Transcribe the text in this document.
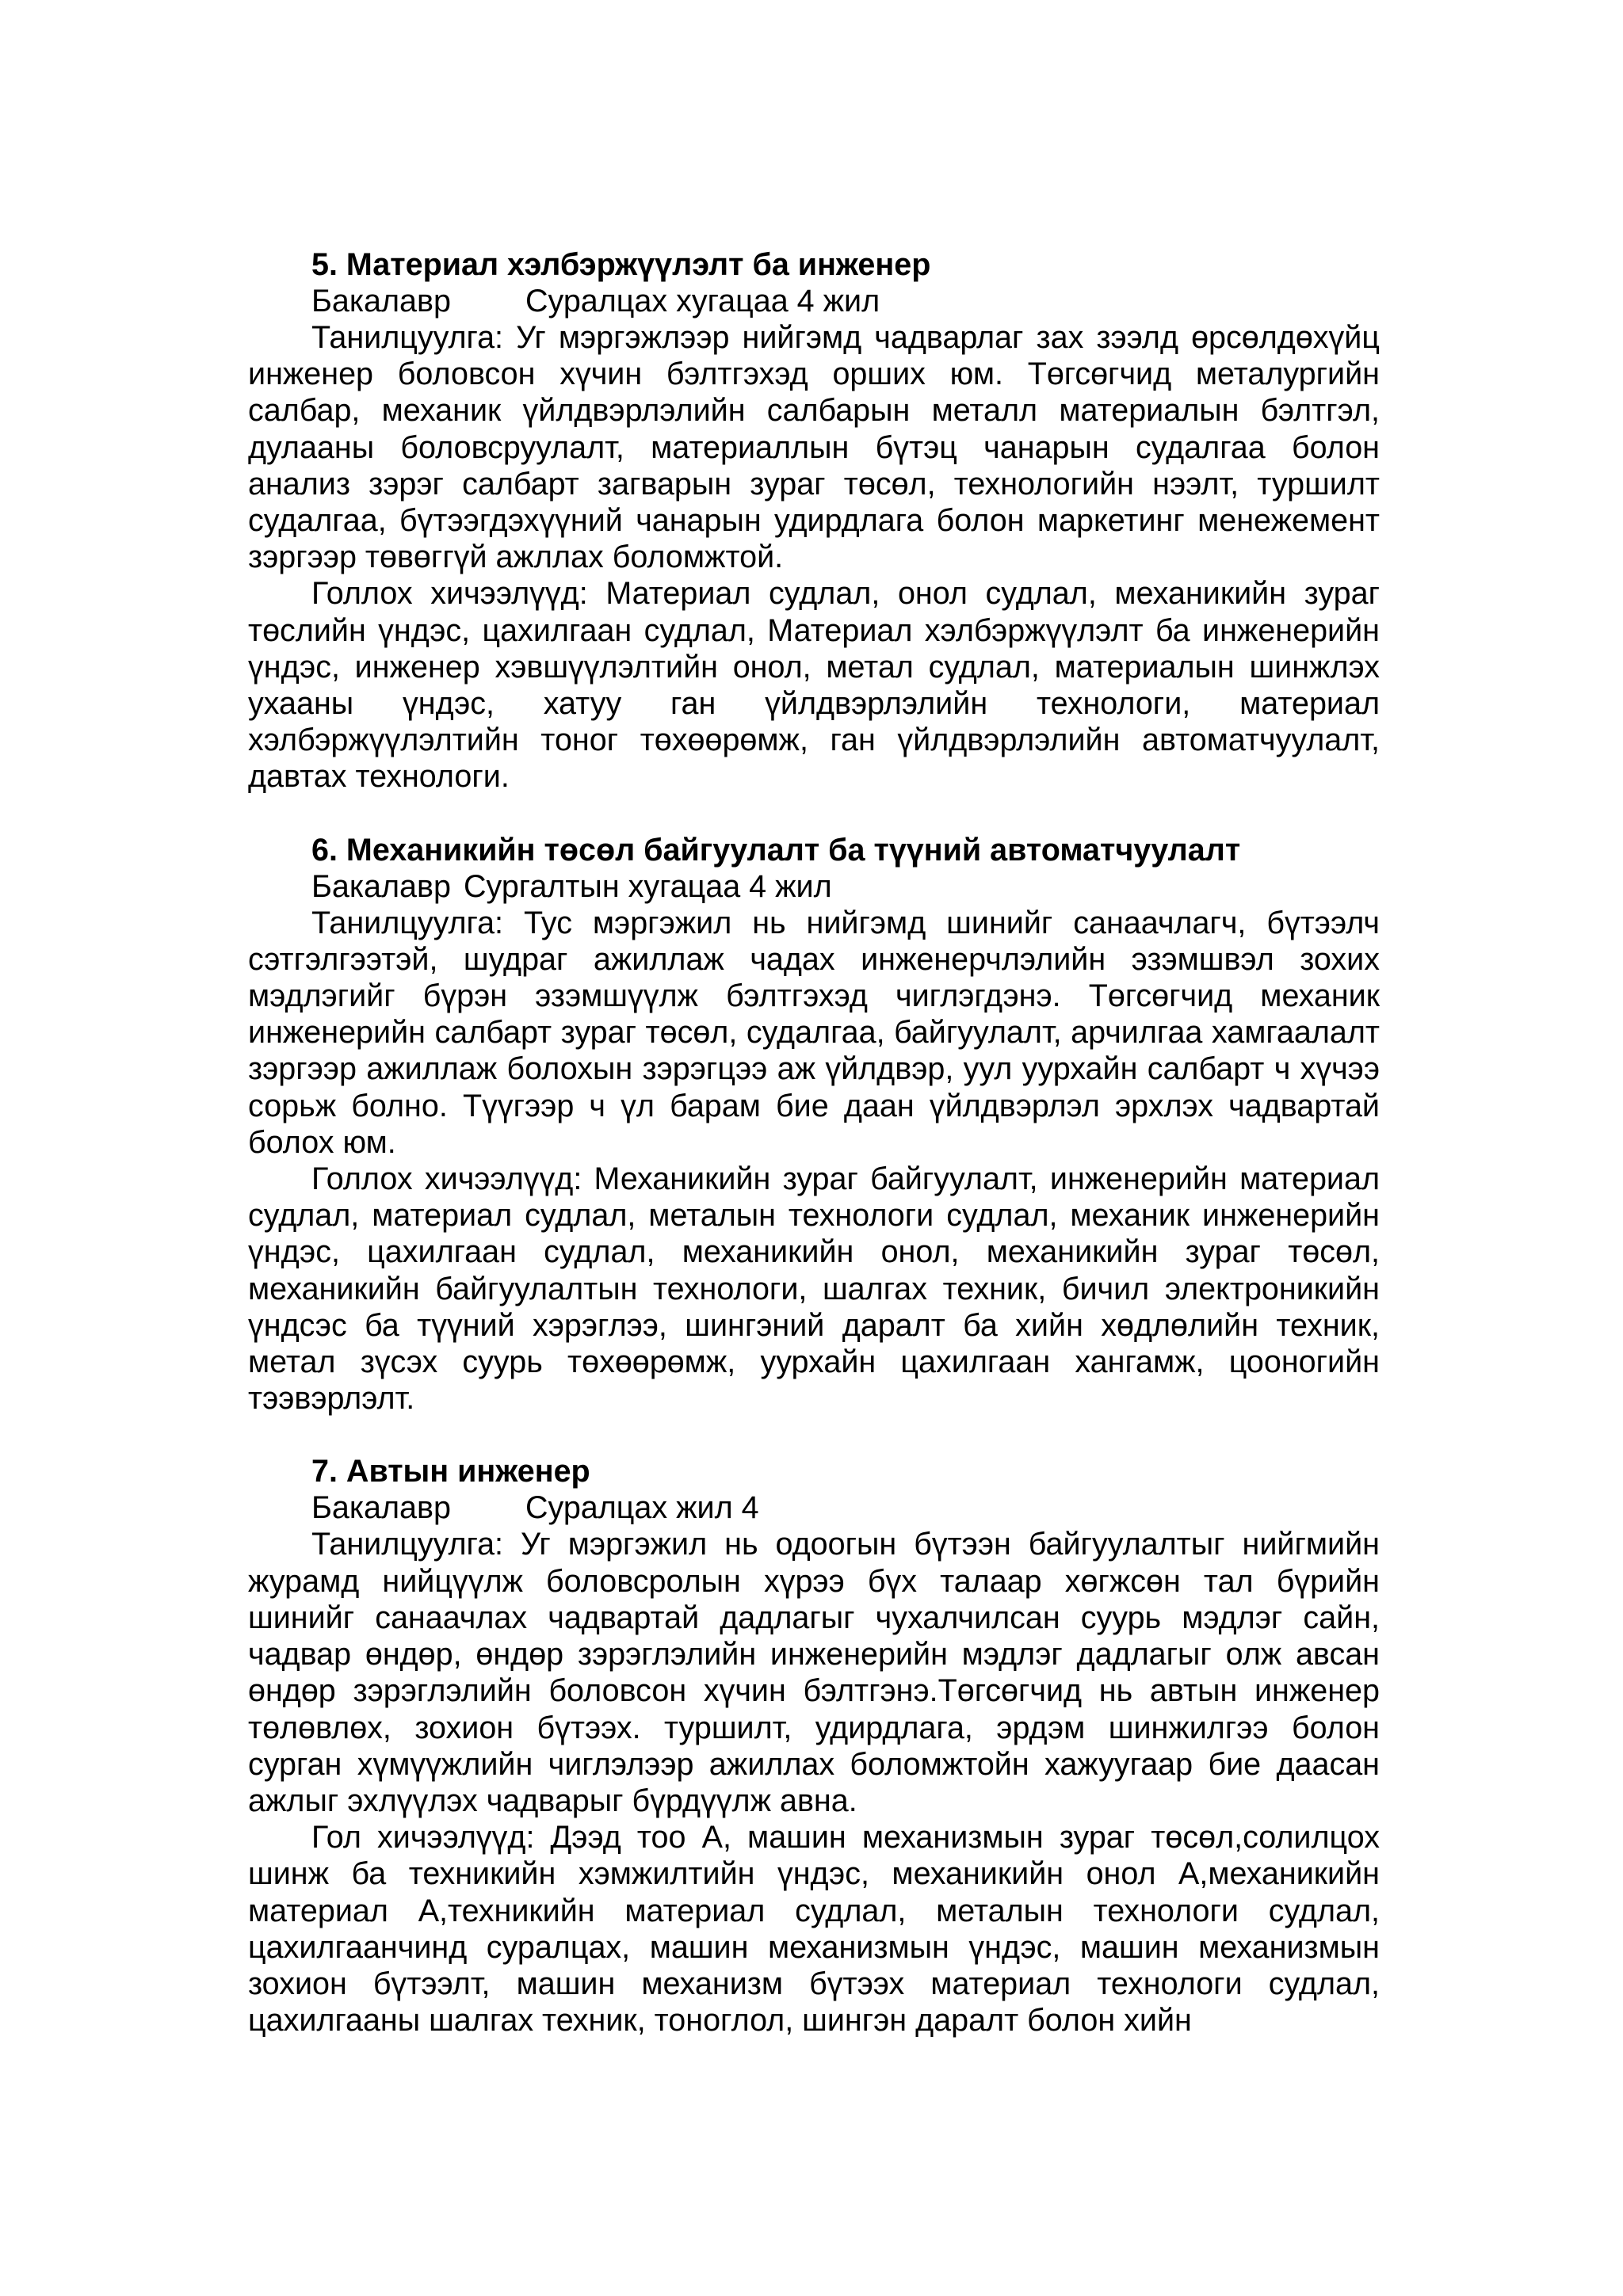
5. Материал хэлбэржүүлэлт ба инженер

Бакалавр Суралцах хугацаа 4 жил

Танилцуулга: Уг мэргэжлээр нийгэмд чадварлаг зах зээлд өрсөлдөхүйц инженер боловсон хүчин бэлтгэхэд орших юм. Төгсөгчид металургийн салбар, механик үйлдвэрлэлийн салбарын металл материалын бэлтгэл, дулааны боловсруулалт, материаллын бүтэц чанарын судалгаа болон анализ зэрэг салбарт загварын зураг төсөл, технологийн нээлт, туршилт судалгаа, бүтээгдэхүүний чанарын удирдлага болон маркетинг менежемент зэргээр төвөггүй ажллах боломжтой.

Голлох хичээлүүд: Материал судлал, онол судлал, механикийн зураг төслийн үндэс, цахилгаан судлал, Материал хэлбэржүүлэлт ба инженерийн үндэс, инженер хэвшүүлэлтийн онол, метал судлал, материалын шинжлэх ухааны үндэс, хатуу ган үйлдвэрлэлийн технологи, материал хэлбэржүүлэлтийн тоног төхөөрөмж, ган үйлдвэрлэлийн автоматчуулалт, давтах технологи.

6. Механикийн төсөл байгуулалт ба түүний автоматчуулалт

Бакалавр Сургалтын хугацаа 4 жил

Танилцуулга: Тус мэргэжил нь нийгэмд шинийг санаачлагч, бүтээлч сэтгэлгээтэй, шудраг ажиллаж чадах инженерчлэлийн эзэмшвэл зохих мэдлэгийг бүрэн эзэмшүүлж бэлтгэхэд чиглэгдэнэ. Төгсөгчид механик инженерийн салбарт зураг төсөл, судалгаа, байгуулалт, арчилгаа хамгаалалт зэргээр ажиллаж болохын зэрэгцээ аж үйлдвэр, уул уурхайн салбарт ч хүчээ сорьж болно. Түүгээр ч үл барам бие даан үйлдвэрлэл эрхлэх чадвартай болох юм.

Голлох хичээлүүд: Механикийн зураг байгуулалт, инженерийн материал судлал, материал судлал, металын технологи судлал, механик инженерийн үндэс, цахилгаан судлал, механикийн онол, механикийн зураг төсөл, механикийн байгуулалтын технологи, шалгах техник, бичил электроникийн үндсэс ба түүний хэрэглээ, шингэний даралт ба хийн хөдлөлийн техник, метал зүсэх суурь төхөөрөмж, уурхайн цахилгаан хангамж, цооногийн тээвэрлэлт.

7. Автын инженер

Бакалавр Суралцах жил 4

Танилцуулга: Уг мэргэжил нь одоогын бүтээн байгуулалтыг нийгмийн журамд нийцүүлж боловсролын хүрээ бүх талаар хөгжсөн тал бүрийн шинийг санаачлах чадвартай дадлагыг чухалчилсан суурь мэдлэг сайн, чадвар өндөр, өндөр зэрэглэлийн инженерийн мэдлэг дадлагыг олж авсан өндөр зэрэглэлийн боловсон хүчин бэлтгэнэ.Төгсөгчид нь автын инженер төлөвлөх, зохион бүтээх. туршилт, удирдлага, эрдэм шинжилгээ болон сурган хүмүүжлийн чиглэлээр ажиллах боломжтойн хажуугаар бие даасан ажлыг эхлүүлэх чадварыг бүрдүүлж авна.

Гол хичээлүүд: Дээд тоо А, машин механизмын зураг төсөл,солилцох шинж ба техникийн хэмжилтийн үндэс, механикийн онол А,механикийн материал А,техникийн материал судлал, металын технологи судлал, цахилгаанчинд суралцах, машин механизмын үндэс, машин механизмын зохион бүтээлт, машин механизм бүтээх материал технологи судлал, цахилгааны шалгах техник, тоноглол, шингэн даралт болон хийн
